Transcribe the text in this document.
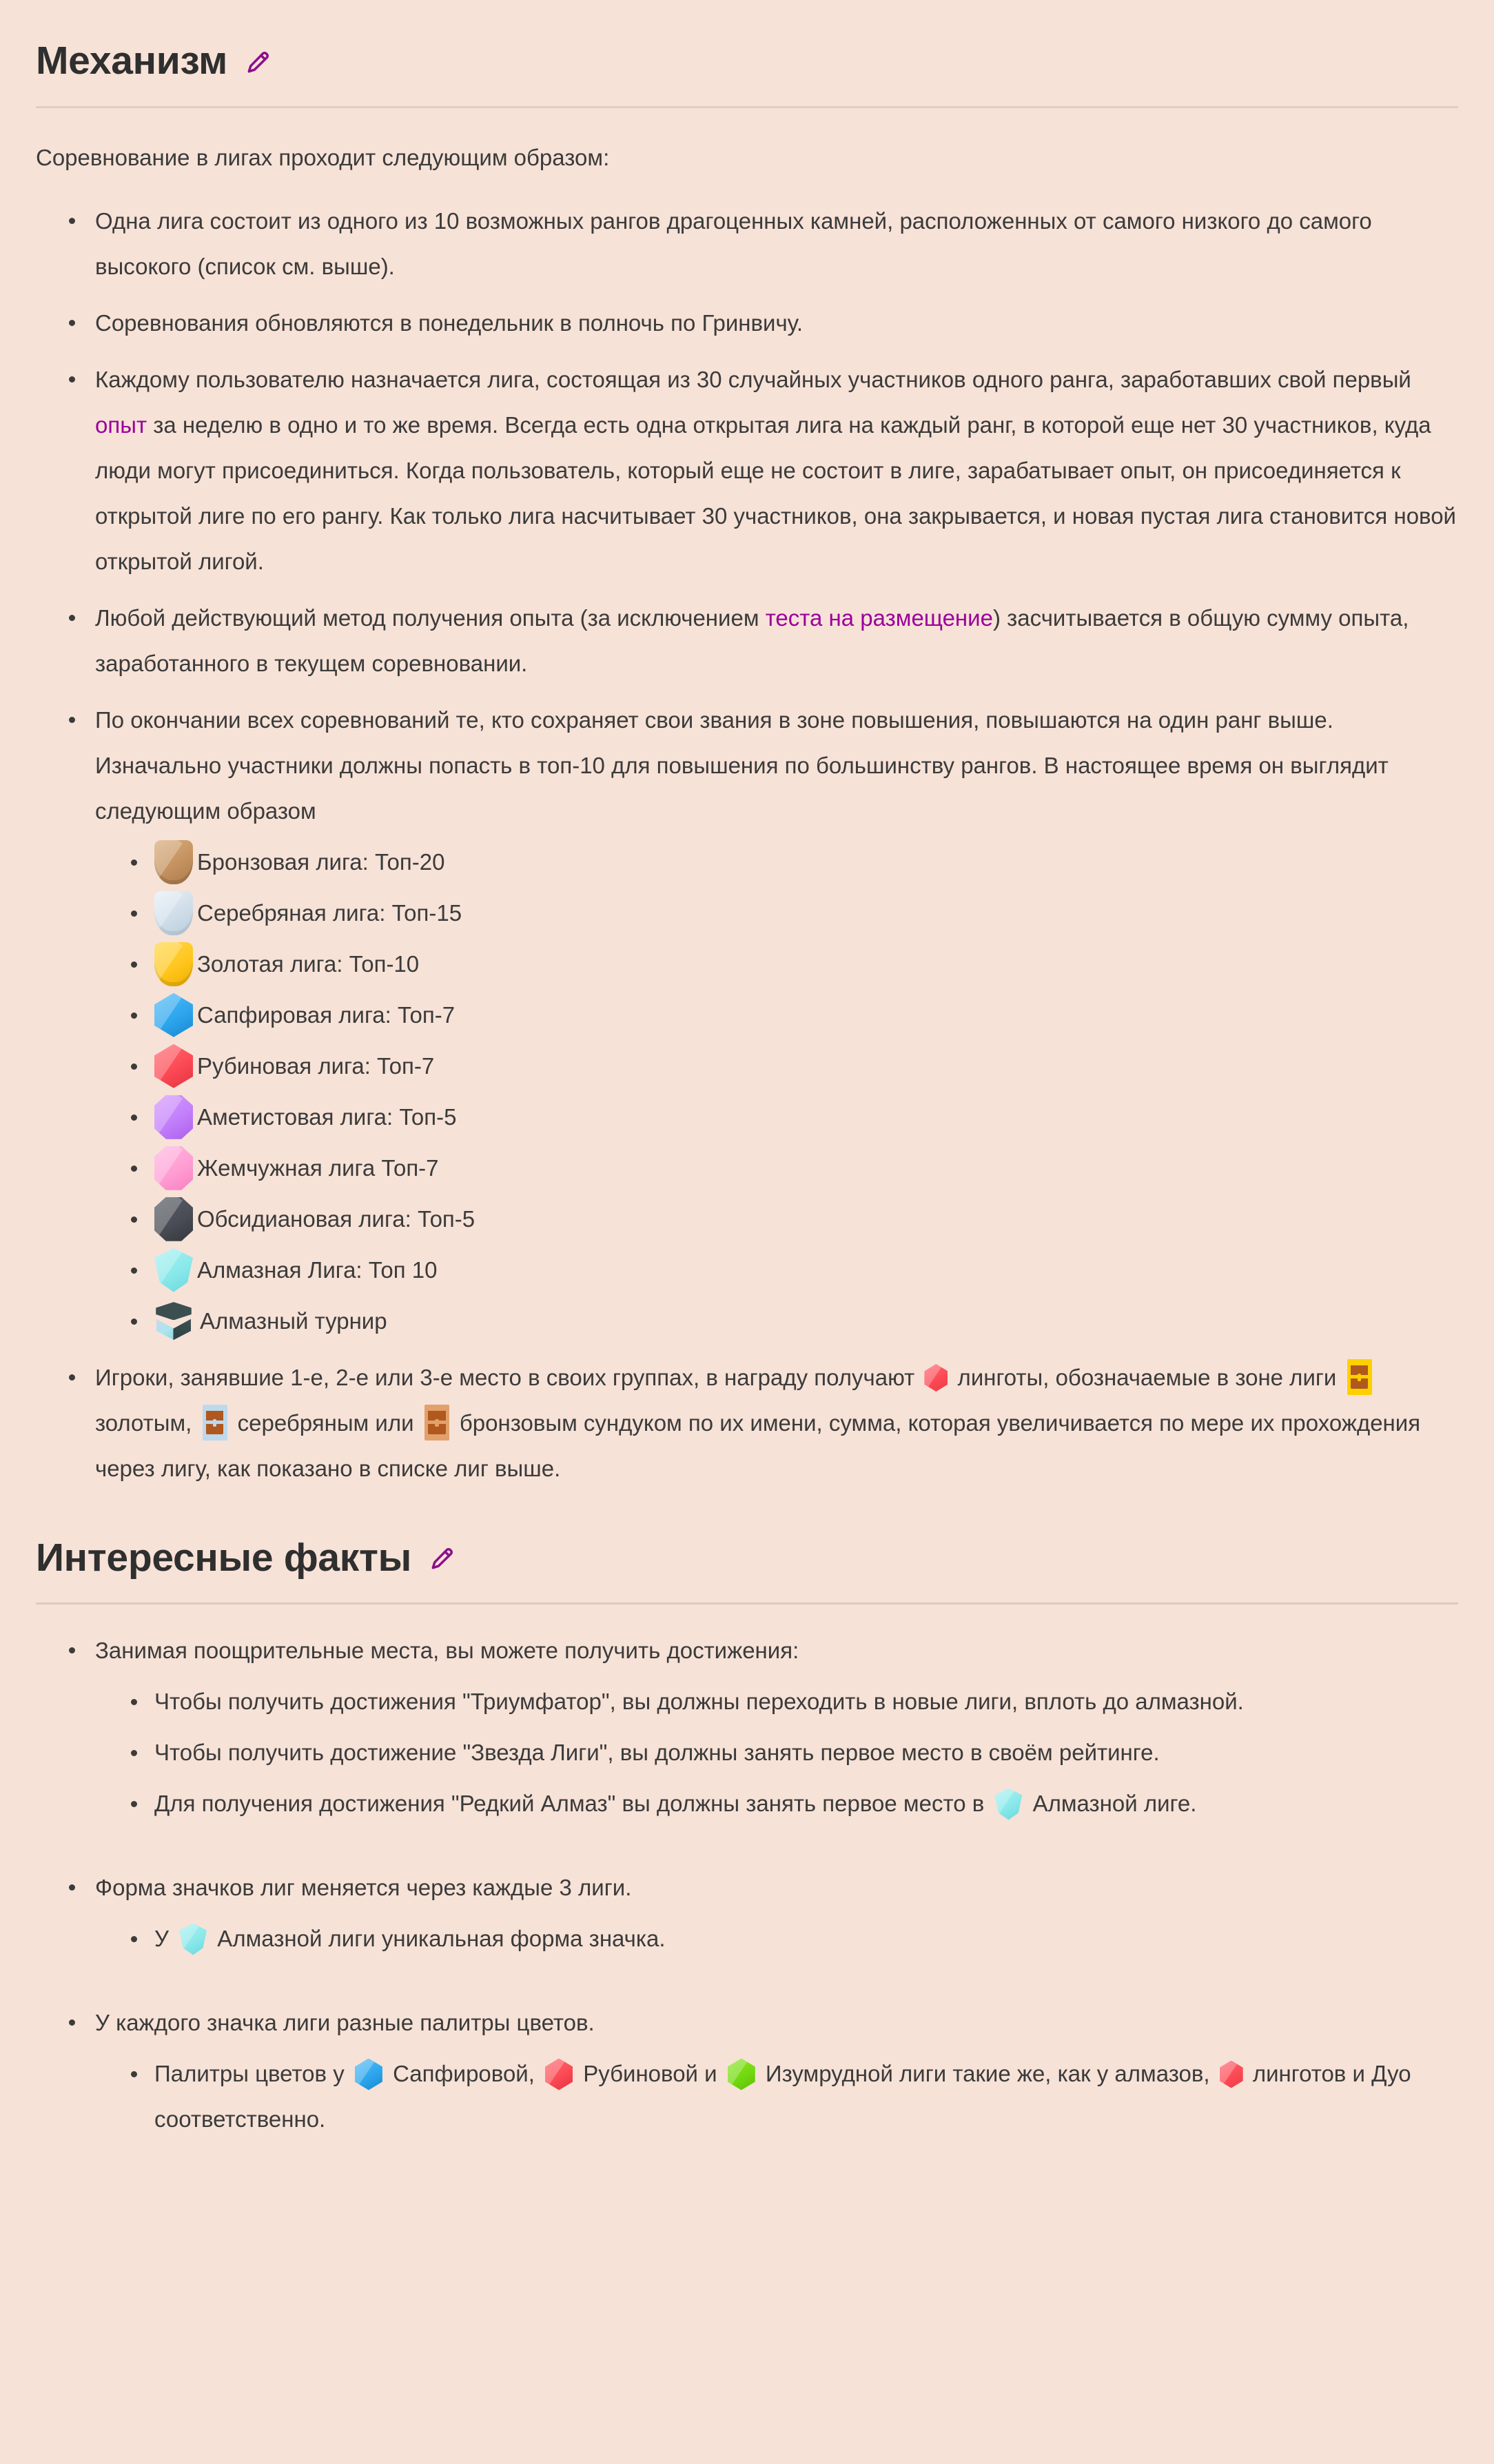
Механизм

Соревнование в лигах проходит следующим образом:

Одна лига состоит из одного из 10 возможных рангов драгоценных камней, расположенных от самого низкого до самого высокого (список см. выше).
Соревнования обновляются в понедельник в полночь по Гринвичу.
Каждому пользователю назначается лига, состоящая из 30 случайных участников одного ранга, заработавших свой первый опыт за неделю в одно и то же время. Всегда есть одна открытая лига на каждый ранг, в которой еще нет 30 участников, куда люди могут присоединиться. Когда пользователь, который еще не состоит в лиге, зарабатывает опыт, он присоединяется к открытой лиге по его рангу. Как только лига насчитывает 30 участников, она закрывается, и новая пустая лига становится новой открытой лигой.
Любой действующий метод получения опыта (за исключением теста на размещение) засчитывается в общую сумму опыта, заработанного в текущем соревновании.
По окончании всех соревнований те, кто сохраняет свои звания в зоне повышения, повышаются на один ранг выше. Изначально участники должны попасть в топ-10 для повышения по большинству рангов. В настоящее время он выглядит следующим образом
Бронзовая лига: Топ-20
Серебряная лига: Топ-15
Золотая лига: Топ-10
Сапфировая лига: Топ-7
Рубиновая лига: Топ-7
Аметистовая лига: Топ-5
Жемчужная лига Топ-7
Обсидиановая лига: Топ-5
Алмазная Лига: Топ 10
Алмазный турнир
Игроки, занявшие 1-е, 2-е или 3-е место в своих группах, в награду получают
линготы, обозначаемые в зоне лиги
золотым,
серебряным или
бронзовым сундуком по их имени, сумма, которая увеличивается по мере их прохождения через лигу, как показано в списке лиг выше.
Интересные факты
Занимая поощрительные места, вы можете получить достижения:
Чтобы получить достижения "Триумфатор", вы должны переходить в новые лиги, вплоть до алмазной.
Чтобы получить достижение "Звезда Лиги", вы должны занять первое место в своём рейтинге.
Для получения достижения "Редкий Алмаз" вы должны занять первое место в
Алмазной лиге.
Форма значков лиг меняется через каждые 3 лиги.
У
Алмазной лиги уникальная форма значка.
У каждого значка лиги разные палитры цветов.
Палитры цветов у
Сапфировой,
Рубиновой и
Изумрудной лиги такие же, как у алмазов,
линготов и Дуо соответственно.
